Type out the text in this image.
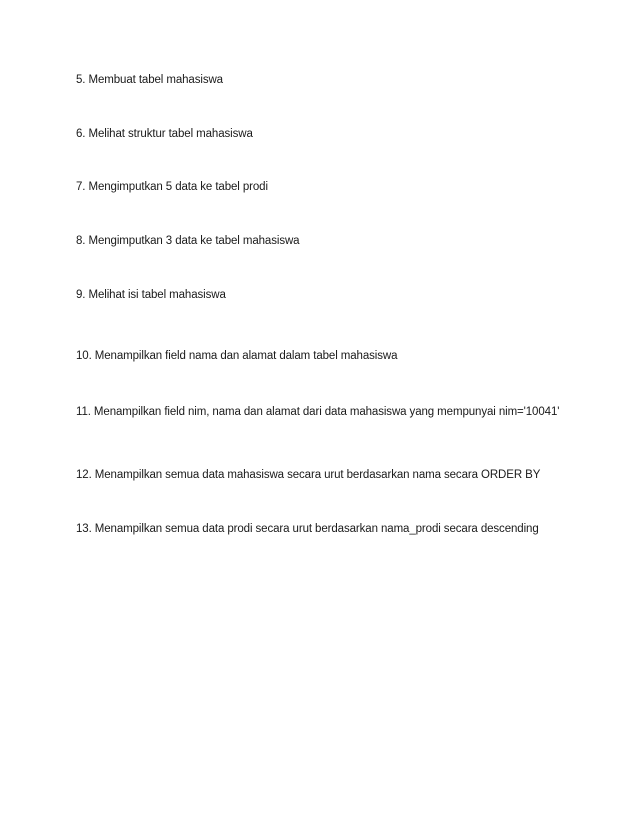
5. Membuat tabel mahasiswa
6. Melihat struktur tabel mahasiswa
7. Mengimputkan 5 data ke tabel prodi
8. Mengimputkan 3 data ke tabel mahasiswa
9. Melihat isi tabel mahasiswa
10. Menampilkan field nama dan alamat dalam tabel mahasiswa
11. Menampilkan field nim, nama dan alamat dari data mahasiswa yang mempunyai nim='10041'
12. Menampilkan semua data mahasiswa secara urut berdasarkan nama secara ORDER BY
13. Menampilkan semua data prodi secara urut berdasarkan nama_prodi secara descending
